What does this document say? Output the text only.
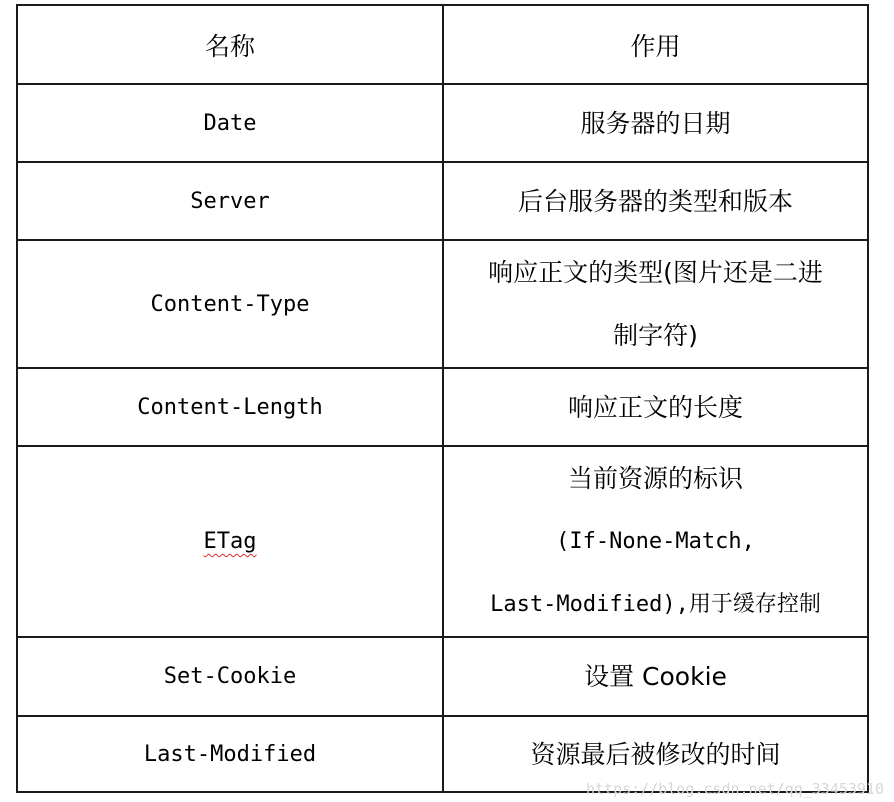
名称	作用
Date	服务器的日期

Server	后台服务器的类型和版本

Content-Type	响应正文的类型(图片还是二进
制字符)

Content-Length	响应正文的长度

ETag	当前资源的标识
(If-None-Match,
Last-Modified),用于缓存控制

Set-Cookie	设置 Cookie

Last-Modified	资源最后被修改的时间
https://blog.csdn.net/qq_33453910
